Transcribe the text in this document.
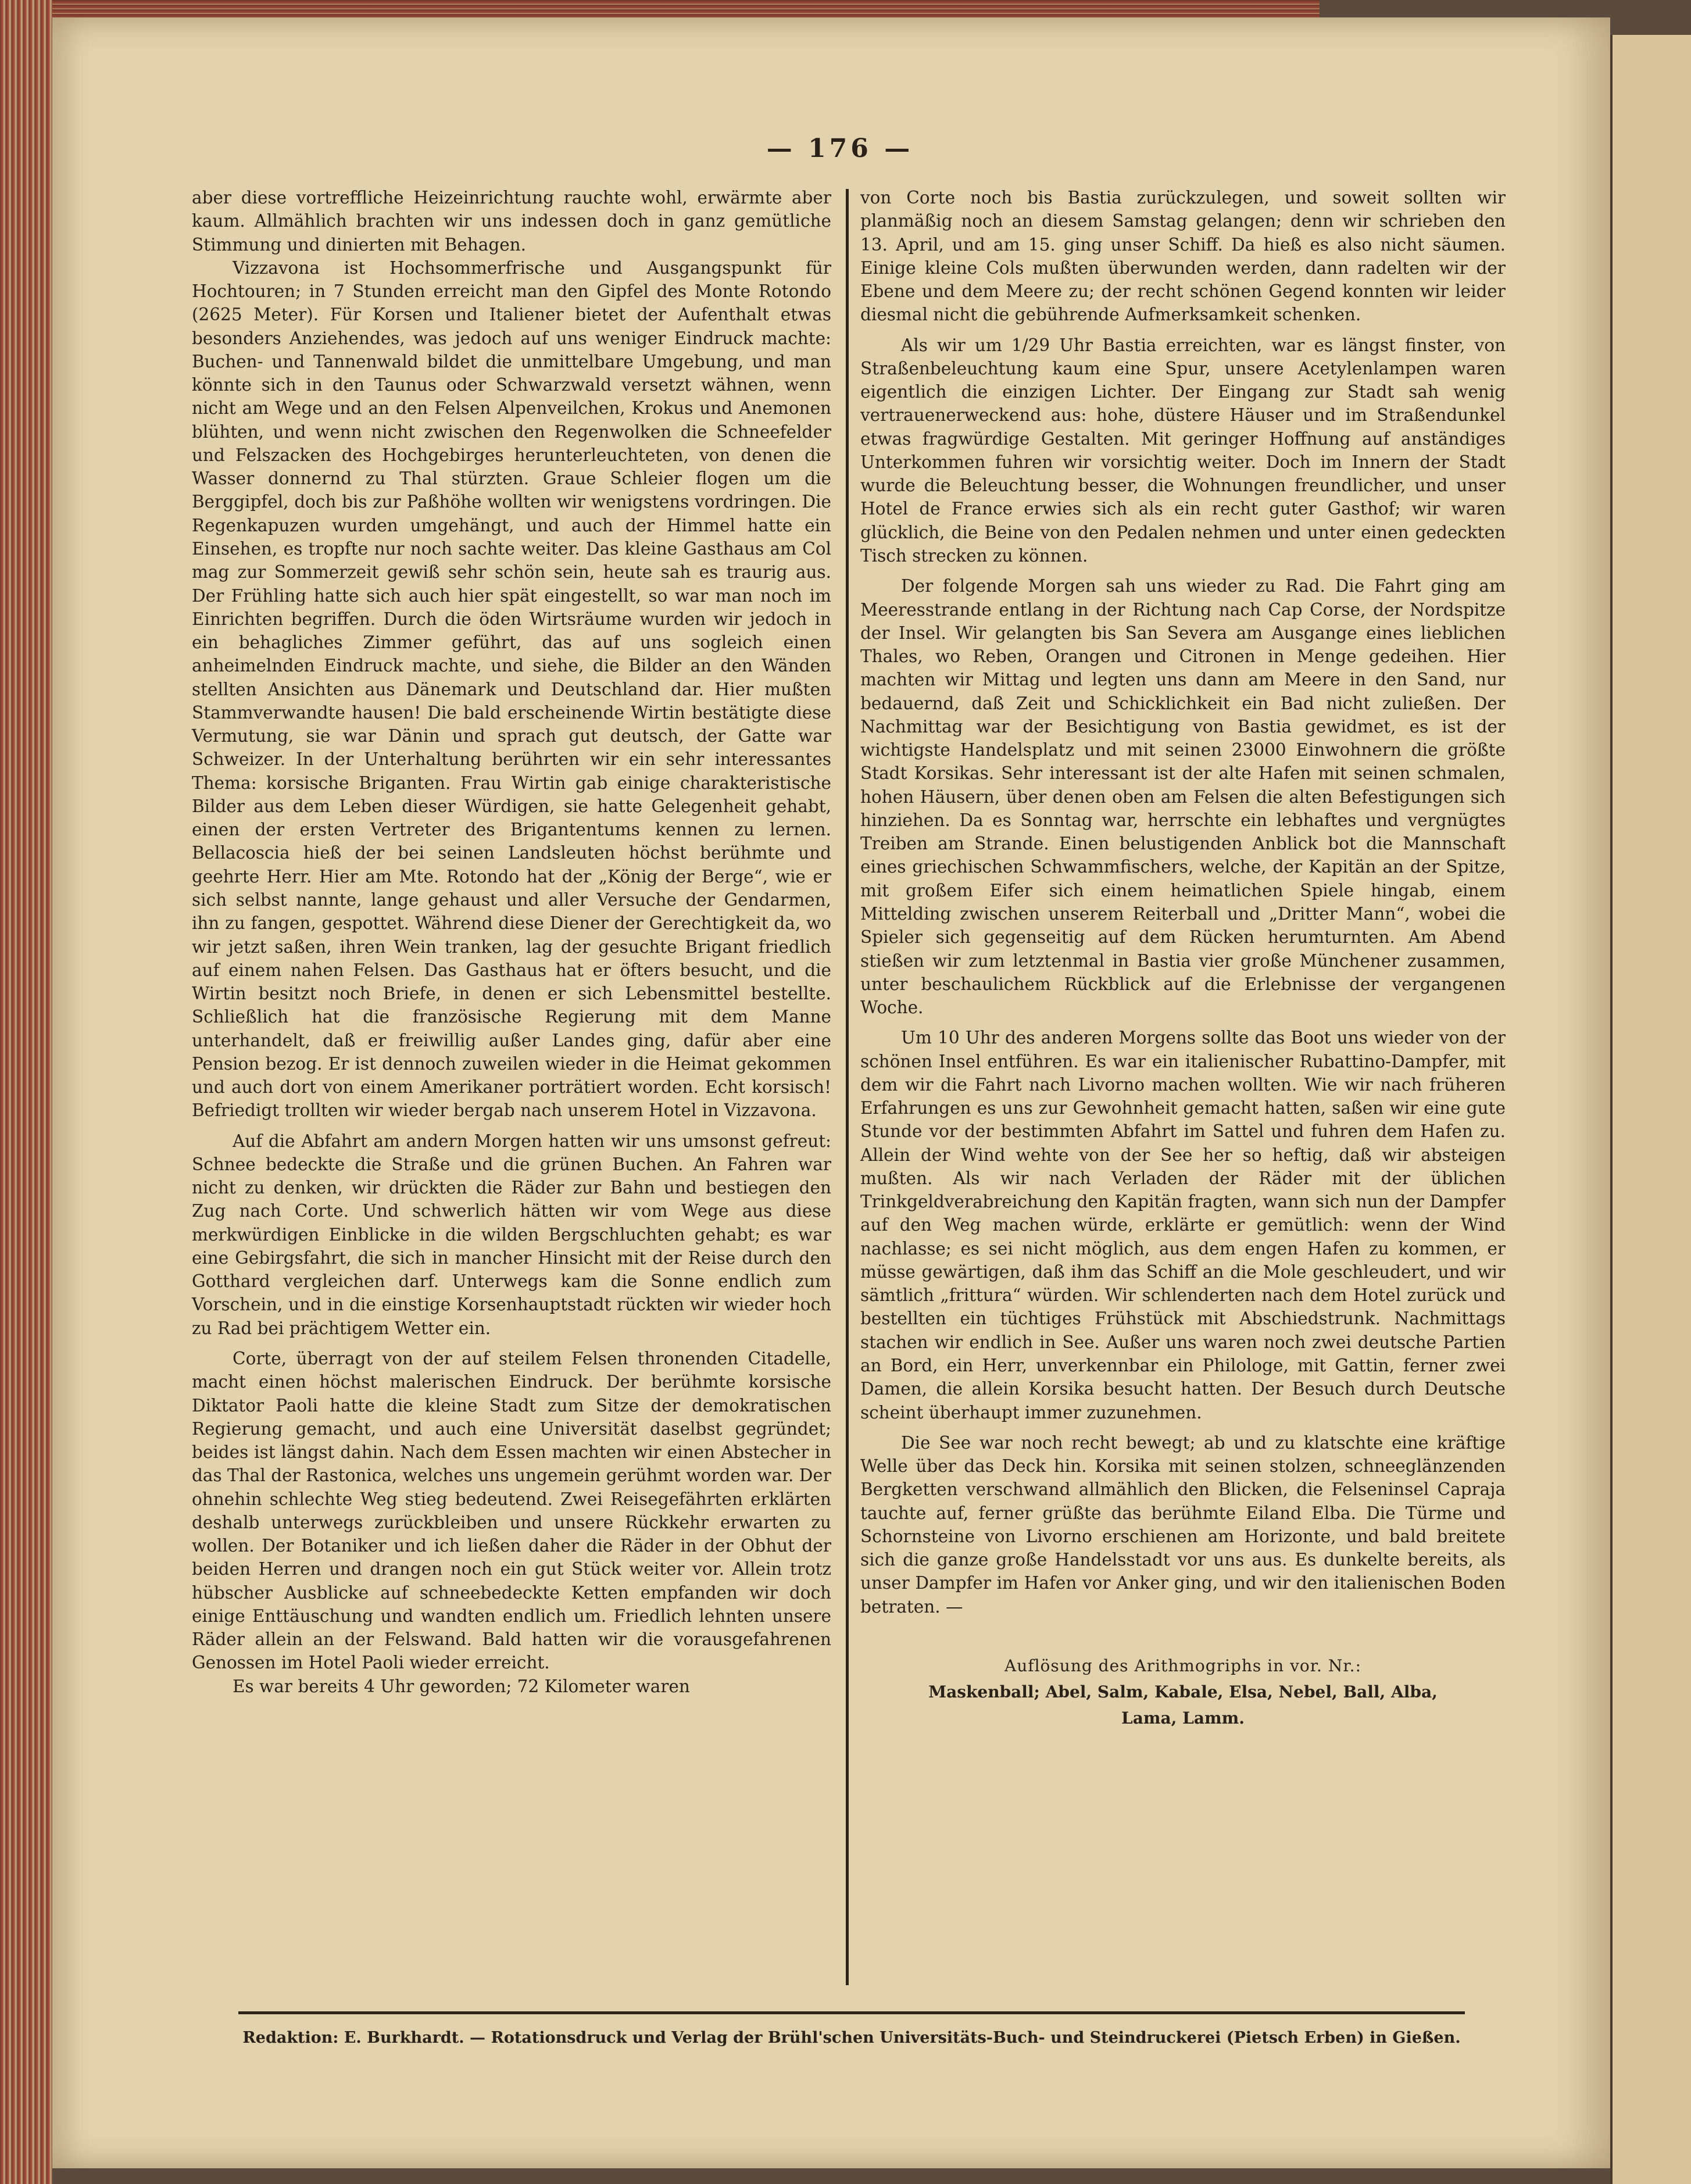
— 176 —

aber diese vortreffliche Heizeinrichtung rauchte wohl, erwärmte aber kaum. Allmählich brachten wir uns indessen doch in ganz gemütliche Stimmung und dinierten mit Behagen.

Vizzavona ist Hochsommerfrische und Ausgangspunkt für Hochtouren; in 7 Stunden erreicht man den Gipfel des Monte Rotondo (2625 Meter). Für Korsen und Italiener bietet der Aufenthalt etwas besonders Anziehendes, was jedoch auf uns weniger Eindruck machte: Buchen- und Tannenwald bildet die unmittelbare Umgebung, und man könnte sich in den Taunus oder Schwarzwald versetzt wähnen, wenn nicht am Wege und an den Felsen Alpenveilchen, Krokus und Anemonen blühten, und wenn nicht zwischen den Regenwolken die Schneefelder und Felszacken des Hochgebirges herunterleuchteten, von denen die Wasser donnernd zu Thal stürzten. Graue Schleier flogen um die Berggipfel, doch bis zur Paßhöhe wollten wir wenigstens vordringen. Die Regenkapuzen wurden umgehängt, und auch der Himmel hatte ein Einsehen, es tropfte nur noch sachte weiter. Das kleine Gasthaus am Col mag zur Sommerzeit gewiß sehr schön sein, heute sah es traurig aus. Der Frühling hatte sich auch hier spät eingestellt, so war man noch im Einrichten begriffen. Durch die öden Wirtsräume wurden wir jedoch in ein behagliches Zimmer geführt, das auf uns sogleich einen anheimelnden Eindruck machte, und siehe, die Bilder an den Wänden stellten Ansichten aus Dänemark und Deutschland dar. Hier mußten Stammverwandte hausen! Die bald erscheinende Wirtin bestätigte diese Vermutung, sie war Dänin und sprach gut deutsch, der Gatte war Schweizer. In der Unterhaltung berührten wir ein sehr interessantes Thema: korsische Briganten. Frau Wirtin gab einige charakteristische Bilder aus dem Leben dieser Würdigen, sie hatte Gelegenheit gehabt, einen der ersten Vertreter des Brigantentums kennen zu lernen. Bellacoscia hieß der bei seinen Landsleuten höchst berühmte und geehrte Herr. Hier am Mte. Rotondo hat der „König der Berge“, wie er sich selbst nannte, lange gehaust und aller Versuche der Gendarmen, ihn zu fangen, gespottet. Während diese Diener der Gerechtigkeit da, wo wir jetzt saßen, ihren Wein tranken, lag der gesuchte Brigant friedlich auf einem nahen Felsen. Das Gasthaus hat er öfters besucht, und die Wirtin besitzt noch Briefe, in denen er sich Lebensmittel bestellte. Schließlich hat die französische Regierung mit dem Manne unterhandelt, daß er freiwillig außer Landes ging, dafür aber eine Pension bezog. Er ist dennoch zuweilen wieder in die Heimat gekommen und auch dort von einem Amerikaner porträtiert worden. Echt korsisch! Befriedigt trollten wir wieder bergab nach unserem Hotel in Vizzavona.

Auf die Abfahrt am andern Morgen hatten wir uns umsonst gefreut: Schnee bedeckte die Straße und die grünen Buchen. An Fahren war nicht zu denken, wir drückten die Räder zur Bahn und bestiegen den Zug nach Corte. Und schwerlich hätten wir vom Wege aus diese merkwürdigen Einblicke in die wilden Bergschluchten gehabt; es war eine Gebirgsfahrt, die sich in mancher Hinsicht mit der Reise durch den Gotthard vergleichen darf. Unterwegs kam die Sonne endlich zum Vorschein, und in die einstige Korsenhauptstadt rückten wir wieder hoch zu Rad bei prächtigem Wetter ein.

Corte, überragt von der auf steilem Felsen thronenden Citadelle, macht einen höchst malerischen Eindruck. Der berühmte korsische Diktator Paoli hatte die kleine Stadt zum Sitze der demokratischen Regierung gemacht, und auch eine Universität daselbst gegründet; beides ist längst dahin. Nach dem Essen machten wir einen Abstecher in das Thal der Rastonica, welches uns ungemein gerühmt worden war. Der ohnehin schlechte Weg stieg bedeutend. Zwei Reisegefährten erklärten deshalb unterwegs zurückbleiben und unsere Rückkehr erwarten zu wollen. Der Botaniker und ich ließen daher die Räder in der Obhut der beiden Herren und drangen noch ein gut Stück weiter vor. Allein trotz hübscher Ausblicke auf schneebedeckte Ketten empfanden wir doch einige Enttäuschung und wandten endlich um. Friedlich lehnten unsere Räder allein an der Felswand. Bald hatten wir die vorausgefahrenen Genossen im Hotel Paoli wieder erreicht.

Es war bereits 4 Uhr geworden; 72 Kilometer waren

von Corte noch bis Bastia zurückzulegen, und soweit sollten wir planmäßig noch an diesem Samstag gelangen; denn wir schrieben den 13. April, und am 15. ging unser Schiff. Da hieß es also nicht säumen. Einige kleine Cols mußten überwunden werden, dann radelten wir der Ebene und dem Meere zu; der recht schönen Gegend konnten wir leider diesmal nicht die gebührende Aufmerksamkeit schenken.

Als wir um 1/29 Uhr Bastia erreichten, war es längst finster, von Straßenbeleuchtung kaum eine Spur, unsere Acetylenlampen waren eigentlich die einzigen Lichter. Der Eingang zur Stadt sah wenig vertrauenerweckend aus: hohe, düstere Häuser und im Straßendunkel etwas fragwürdige Gestalten. Mit geringer Hoffnung auf anständiges Unterkommen fuhren wir vorsichtig weiter. Doch im Innern der Stadt wurde die Beleuchtung besser, die Wohnungen freundlicher, und unser Hotel de France erwies sich als ein recht guter Gasthof; wir waren glücklich, die Beine von den Pedalen nehmen und unter einen gedeckten Tisch strecken zu können.

Der folgende Morgen sah uns wieder zu Rad. Die Fahrt ging am Meeresstrande entlang in der Richtung nach Cap Corse, der Nordspitze der Insel. Wir gelangten bis San Severa am Ausgange eines lieblichen Thales, wo Reben, Orangen und Citronen in Menge gedeihen. Hier machten wir Mittag und legten uns dann am Meere in den Sand, nur bedauernd, daß Zeit und Schicklichkeit ein Bad nicht zuließen. Der Nachmittag war der Besichtigung von Bastia gewidmet, es ist der wichtigste Handelsplatz und mit seinen 23000 Einwohnern die größte Stadt Korsikas. Sehr interessant ist der alte Hafen mit seinen schmalen, hohen Häusern, über denen oben am Felsen die alten Befestigungen sich hinziehen. Da es Sonntag war, herrschte ein lebhaftes und vergnügtes Treiben am Strande. Einen belustigenden Anblick bot die Mannschaft eines griechischen Schwammfischers, welche, der Kapitän an der Spitze, mit großem Eifer sich einem heimatlichen Spiele hingab, einem Mittelding zwischen unserem Reiterball und „Dritter Mann“, wobei die Spieler sich gegenseitig auf dem Rücken herumturnten. Am Abend stießen wir zum letztenmal in Bastia vier große Münchener zusammen, unter beschaulichem Rückblick auf die Erlebnisse der vergangenen Woche.

Um 10 Uhr des anderen Morgens sollte das Boot uns wieder von der schönen Insel entführen. Es war ein italienischer Rubattino-Dampfer, mit dem wir die Fahrt nach Livorno machen wollten. Wie wir nach früheren Erfahrungen es uns zur Gewohnheit gemacht hatten, saßen wir eine gute Stunde vor der bestimmten Abfahrt im Sattel und fuhren dem Hafen zu. Allein der Wind wehte von der See her so heftig, daß wir absteigen mußten. Als wir nach Verladen der Räder mit der üblichen Trinkgeldverabreichung den Kapitän fragten, wann sich nun der Dampfer auf den Weg machen würde, erklärte er gemütlich: wenn der Wind nachlasse; es sei nicht möglich, aus dem engen Hafen zu kommen, er müsse gewärtigen, daß ihm das Schiff an die Mole geschleudert, und wir sämtlich „frittura“ würden. Wir schlenderten nach dem Hotel zurück und bestellten ein tüchtiges Frühstück mit Abschiedstrunk. Nachmittags stachen wir endlich in See. Außer uns waren noch zwei deutsche Partien an Bord, ein Herr, unverkennbar ein Philologe, mit Gattin, ferner zwei Damen, die allein Korsika besucht hatten. Der Besuch durch Deutsche scheint überhaupt immer zuzunehmen.

Die See war noch recht bewegt; ab und zu klatschte eine kräftige Welle über das Deck hin. Korsika mit seinen stolzen, schneeglänzenden Bergketten verschwand allmählich den Blicken, die Felseninsel Capraja tauchte auf, ferner grüßte das berühmte Eiland Elba. Die Türme und Schornsteine von Livorno erschienen am Horizonte, und bald breitete sich die ganze große Handelsstadt vor uns aus. Es dunkelte bereits, als unser Dampfer im Hafen vor Anker ging, und wir den italienischen Boden betraten. —

Auflösung des Arithmogriphs in vor. Nr.:
Maskenball; Abel, Salm, Kabale, Elsa, Nebel, Ball, Alba,
Lama, Lamm.
Redaktion: E. Burkhardt. — Rotationsdruck und Verlag der Brühl'schen Universitäts-Buch- und Steindruckerei (Pietsch Erben) in Gießen.
